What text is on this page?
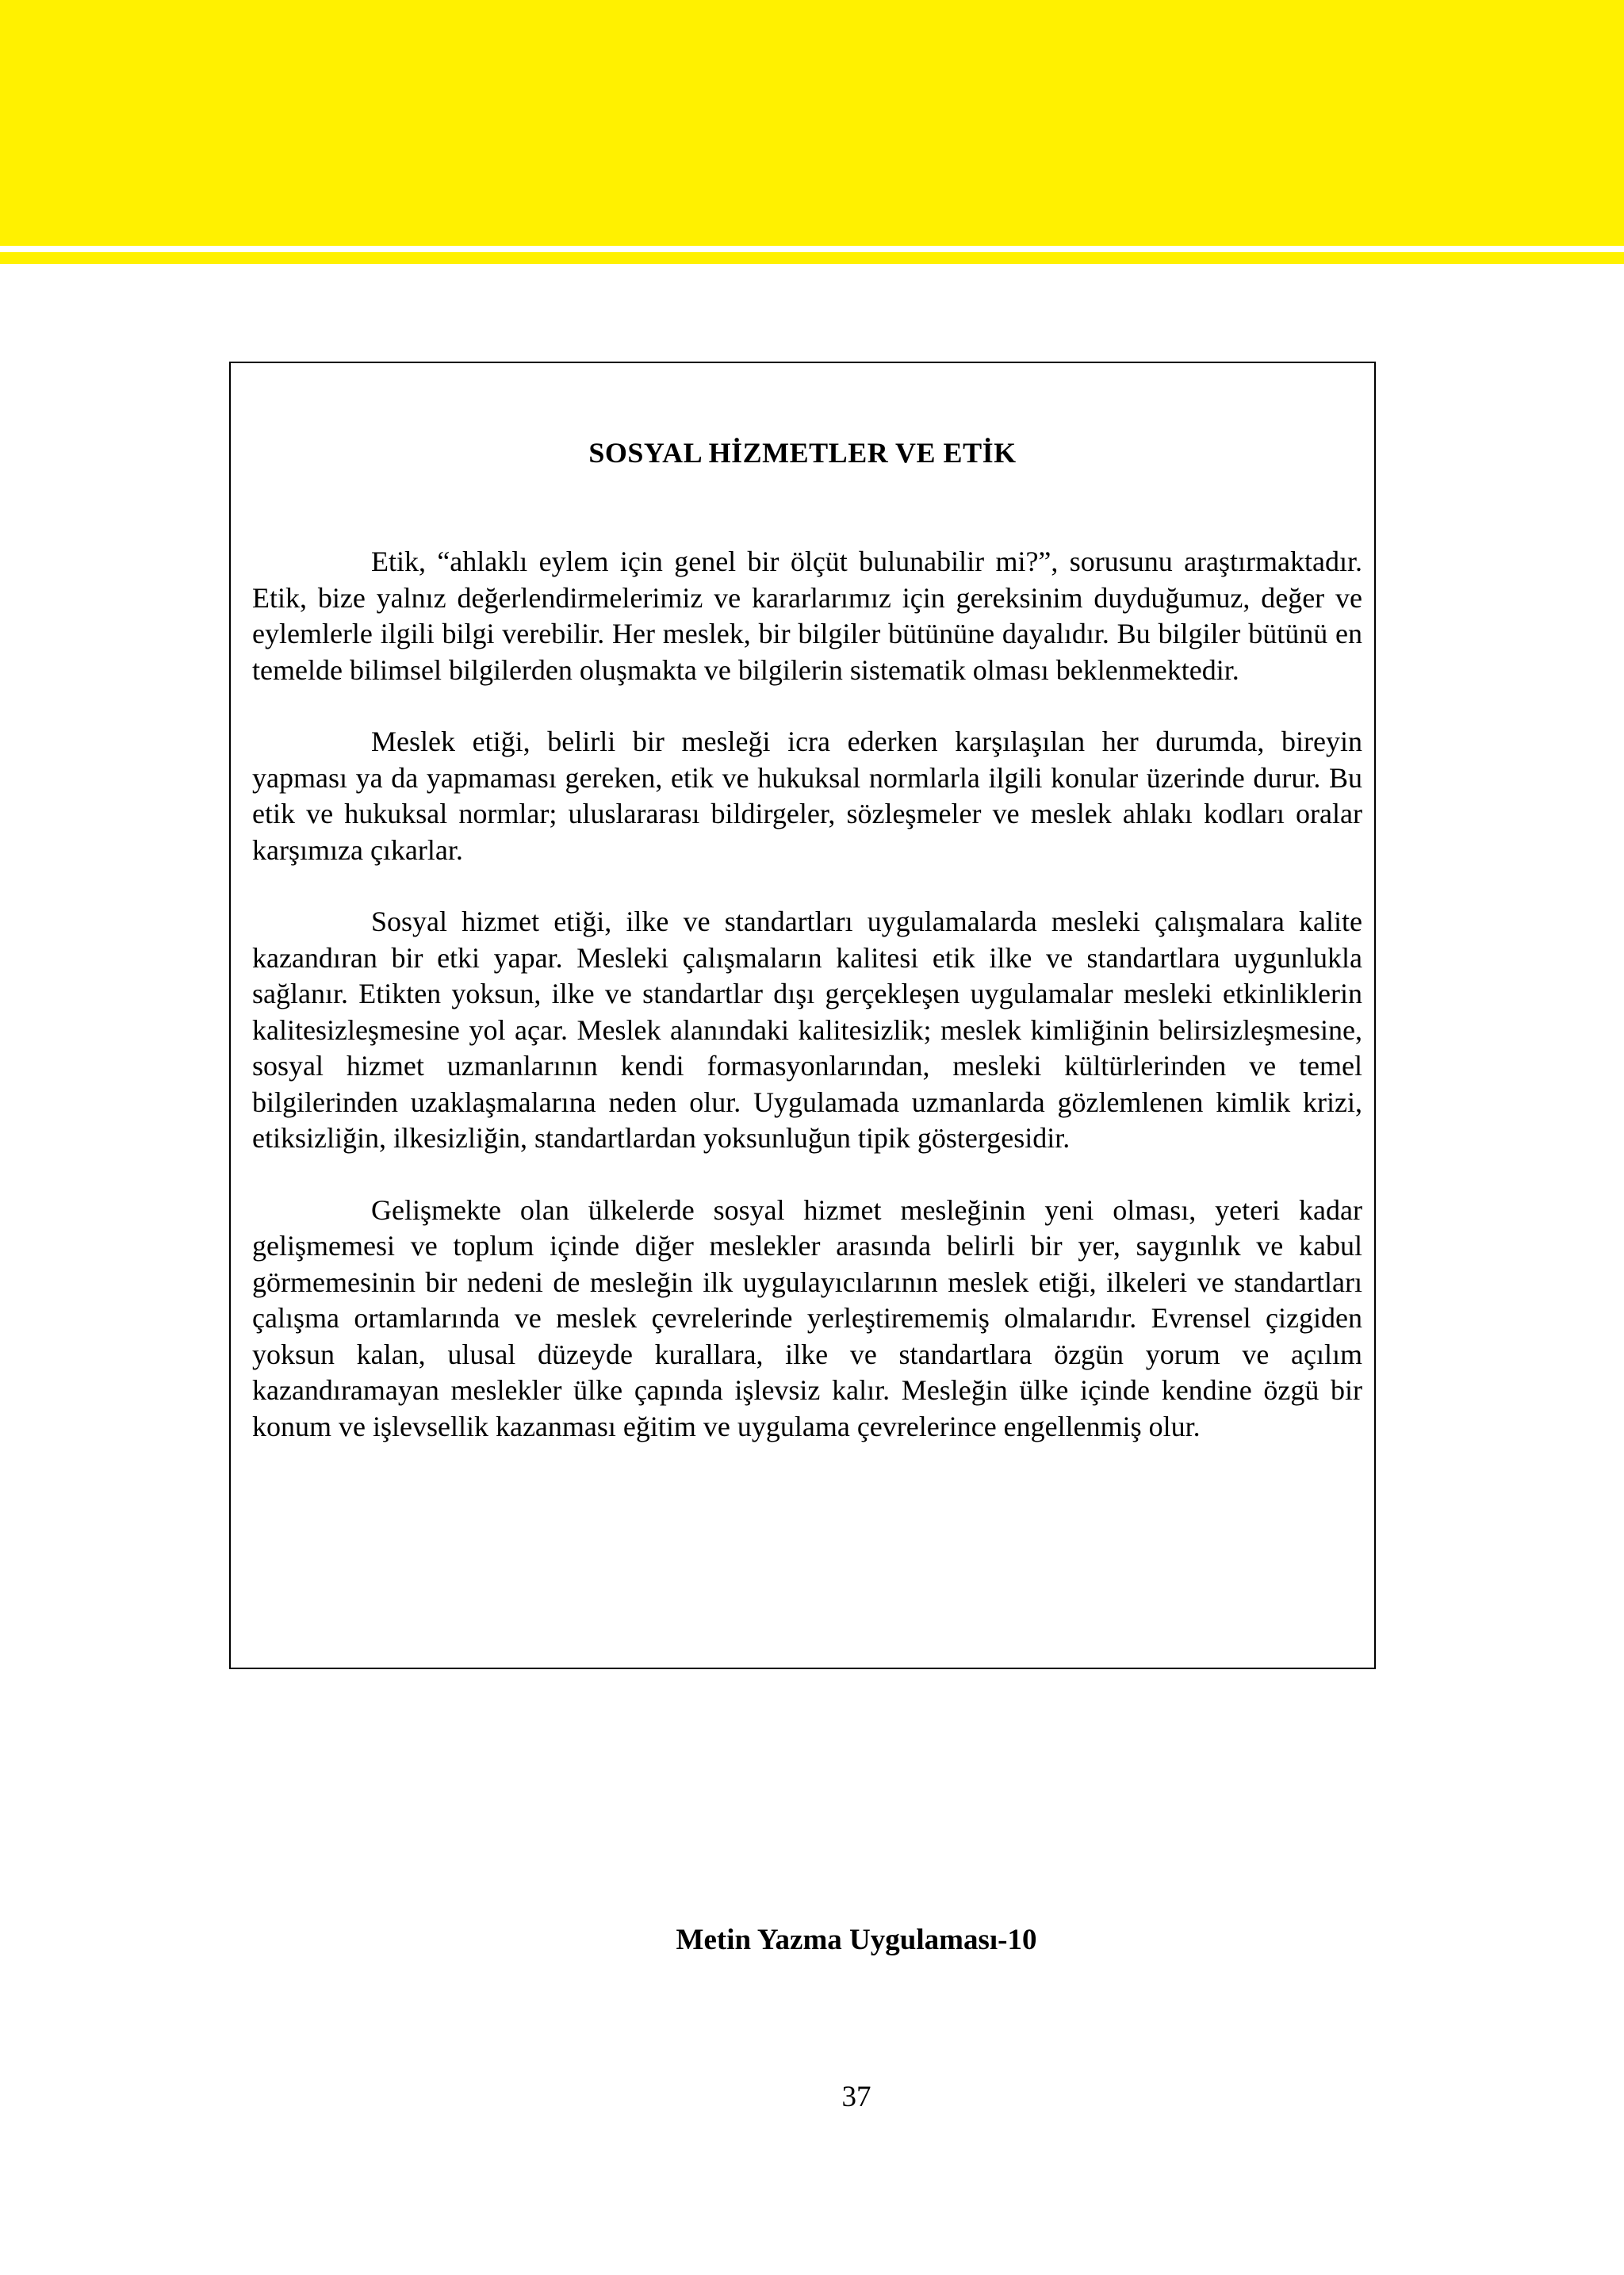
SOSYAL HİZMETLER VE ETİK

Etik, “ahlaklı eylem için genel bir ölçüt bulunabilir mi?”, sorusunu araştırmaktadır. Etik, bize yalnız değerlendirmelerimiz ve kararlarımız için gereksinim duyduğumuz, değer ve eylemlerle ilgili bilgi verebilir. Her meslek, bir bilgiler bütününe dayalıdır. Bu bilgiler bütünü en temelde bilimsel bilgilerden oluşmakta ve bilgilerin sistematik olması beklenmektedir.

Meslek etiği, belirli bir mesleği icra ederken karşılaşılan her durumda, bireyin yapması ya da yapmaması gereken, etik ve hukuksal normlarla ilgili konular üzerinde durur. Bu etik ve hukuksal normlar; uluslararası bildirgeler, sözleşmeler ve meslek ahlakı kodları oralar karşımıza çıkarlar.

Sosyal hizmet etiği, ilke ve standartları uygulamalarda mesleki çalışmalara kalite kazandıran bir etki yapar. Mesleki çalışmaların kalitesi etik ilke ve standartlara uygunlukla sağlanır. Etikten yoksun, ilke ve standartlar dışı gerçekleşen uygulamalar mesleki etkinliklerin kalitesizleşmesine yol açar. Meslek alanındaki kalitesizlik; meslek kimliğinin belirsizleşmesine, sosyal hizmet uzmanlarının kendi formasyonlarından, mesleki kültürlerinden ve temel bilgilerinden uzaklaşmalarına neden olur. Uygulamada uzmanlarda gözlemlenen kimlik krizi, etiksizliğin, ilkesizliğin, standartlardan yoksunluğun tipik göstergesidir.

Gelişmekte olan ülkelerde sosyal hizmet mesleğinin yeni olması, yeteri kadar gelişmemesi ve toplum içinde diğer meslekler arasında belirli bir yer, saygınlık ve kabul görmemesinin bir nedeni de mesleğin ilk uygulayıcılarının meslek etiği, ilkeleri ve standartları çalışma ortamlarında ve meslek çevrelerinde yerleştirememiş olmalarıdır. Evrensel çizgiden yoksun kalan, ulusal düzeyde kurallara, ilke ve standartlara özgün yorum ve açılım kazandıramayan meslekler ülke çapında işlevsiz kalır. Mesleğin ülke içinde kendine özgü bir konum ve işlevsellik kazanması eğitim ve uygulama çevrelerince engellenmiş olur.

Metin Yazma Uygulaması-10
37
